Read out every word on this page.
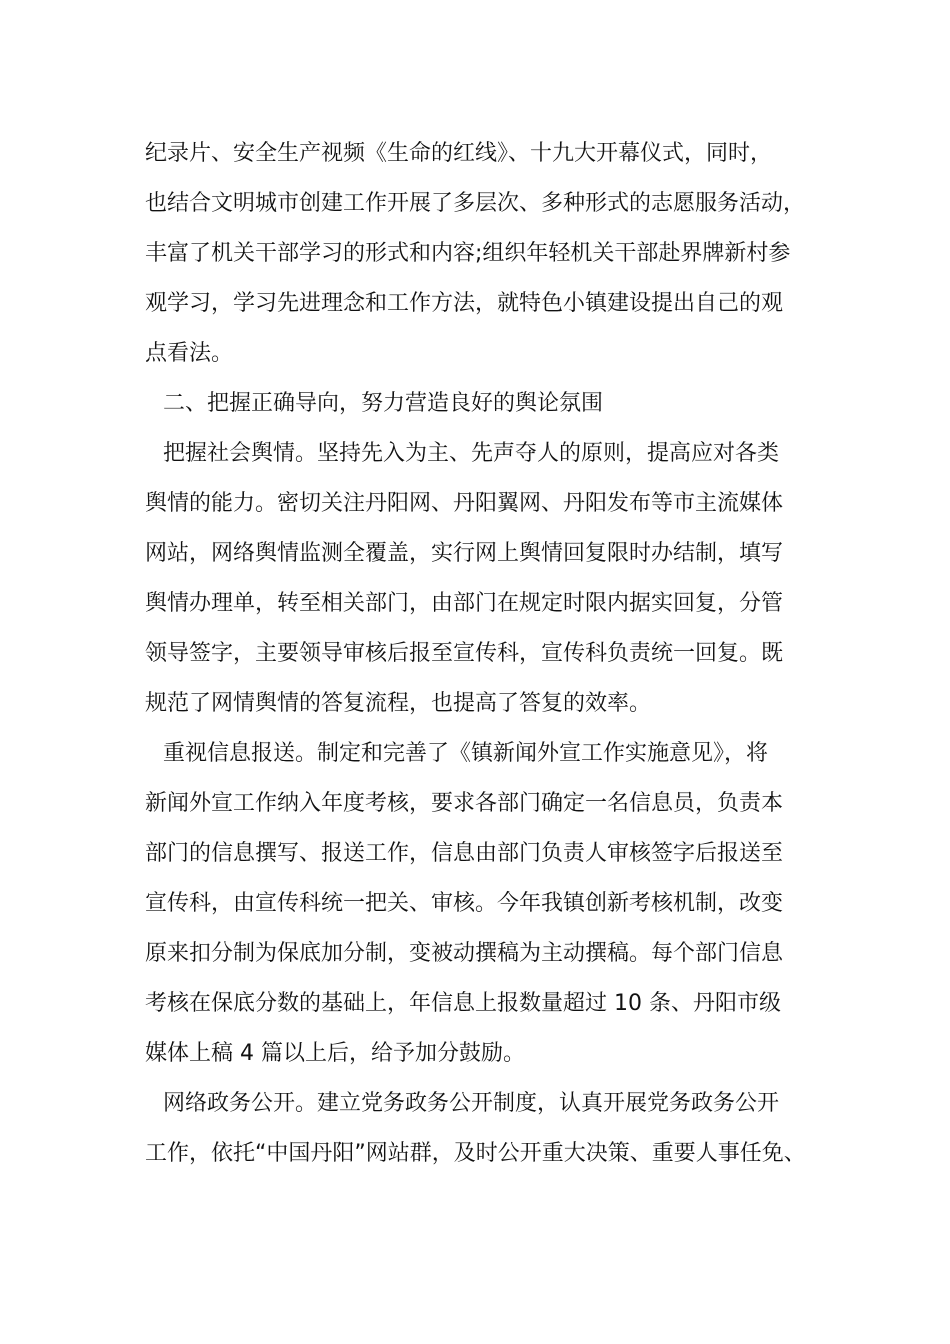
纪录片、安全生产视频《生命的红线》、十九大开幕仪式，同时，
也结合文明城市创建工作开展了多层次、多种形式的志愿服务活动，
丰富了机关干部学习的形式和内容;组织年轻机关干部赴界牌新村参
观学习，学习先进理念和工作方法，就特色小镇建设提出自己的观
点看法。
二、把握正确导向，努力营造良好的舆论氛围
把握社会舆情。坚持先入为主、先声夺人的原则，提高应对各类
舆情的能力。密切关注丹阳网、丹阳翼网、丹阳发布等市主流媒体
网站，网络舆情监测全覆盖，实行网上舆情回复限时办结制，填写
舆情办理单，转至相关部门，由部门在规定时限内据实回复，分管
领导签字，主要领导审核后报至宣传科，宣传科负责统一回复。既
规范了网情舆情的答复流程，也提高了答复的效率。
重视信息报送。制定和完善了《镇新闻外宣工作实施意见》，将
新闻外宣工作纳入年度考核，要求各部门确定一名信息员，负责本
部门的信息撰写、报送工作，信息由部门负责人审核签字后报送至
宣传科，由宣传科统一把关、审核。今年我镇创新考核机制，改变
原来扣分制为保底加分制，变被动撰稿为主动撰稿。每个部门信息
考核在保底分数的基础上，年信息上报数量超过 10 条、丹阳市级
媒体上稿 4 篇以上后，给予加分鼓励。
网络政务公开。建立党务政务公开制度，认真开展党务政务公开
工作，依托“中国丹阳”网站群，及时公开重大决策、重要人事任免、
